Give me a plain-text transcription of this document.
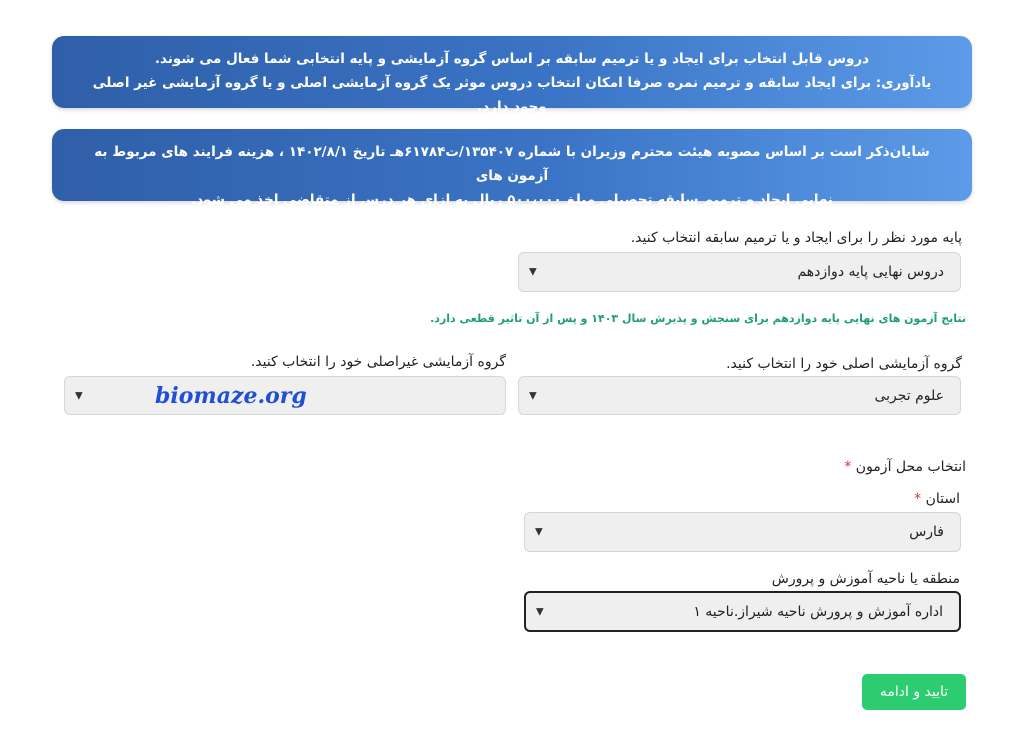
دروس قابل انتخاب برای ایجاد و یا ترمیم سابقه بر اساس گروه آزمایشی و پایه انتخابی شما فعال می شوند.
یادآوری: برای ایجاد سابقه و ترمیم نمره صرفا امکان انتخاب دروس موثر یک گروه آزمایشی اصلی و یا گروه آزمایشی غیر اصلی وجود دارد.
شایان‌ذکر است بر اساس مصوبه هیئت محترم وزیران با شماره ۱۳۵۴۰۷/ت۶۱۷۸۴هـ تاریخ ۱۴۰۲/۸/۱ ، هزینه فرایند های مربوط به آزمون های
نهایی ایجاد و ترمیم سابقه تحصیلی مبلغ ۵۰۰،۰۰۰ ریال به ازای هر درس از متقاضی اخذ می شود.
پایه مورد نظر را برای ایجاد و یا ترمیم سابقه انتخاب کنید.
دروس نهایی پایه دوازدهم
▼
نتایج آزمون های نهایی پایه دوازدهم برای سنجش و پذیرش سال ۱۴۰۳ و پس از آن تاثیر قطعی دارد.
گروه آزمایشی اصلی خود را انتخاب کنید.
علوم تجربی
▼
گروه آزمایشی غیراصلی خود را انتخاب کنید.
biomaze.org
▼
انتخاب محل آزمون *
استان *
فارس
▼
منطقه یا ناحیه آموزش و پرورش
اداره آموزش و پرورش ناحیه شیراز.ناحیه ۱
▼
تایید و ادامه
